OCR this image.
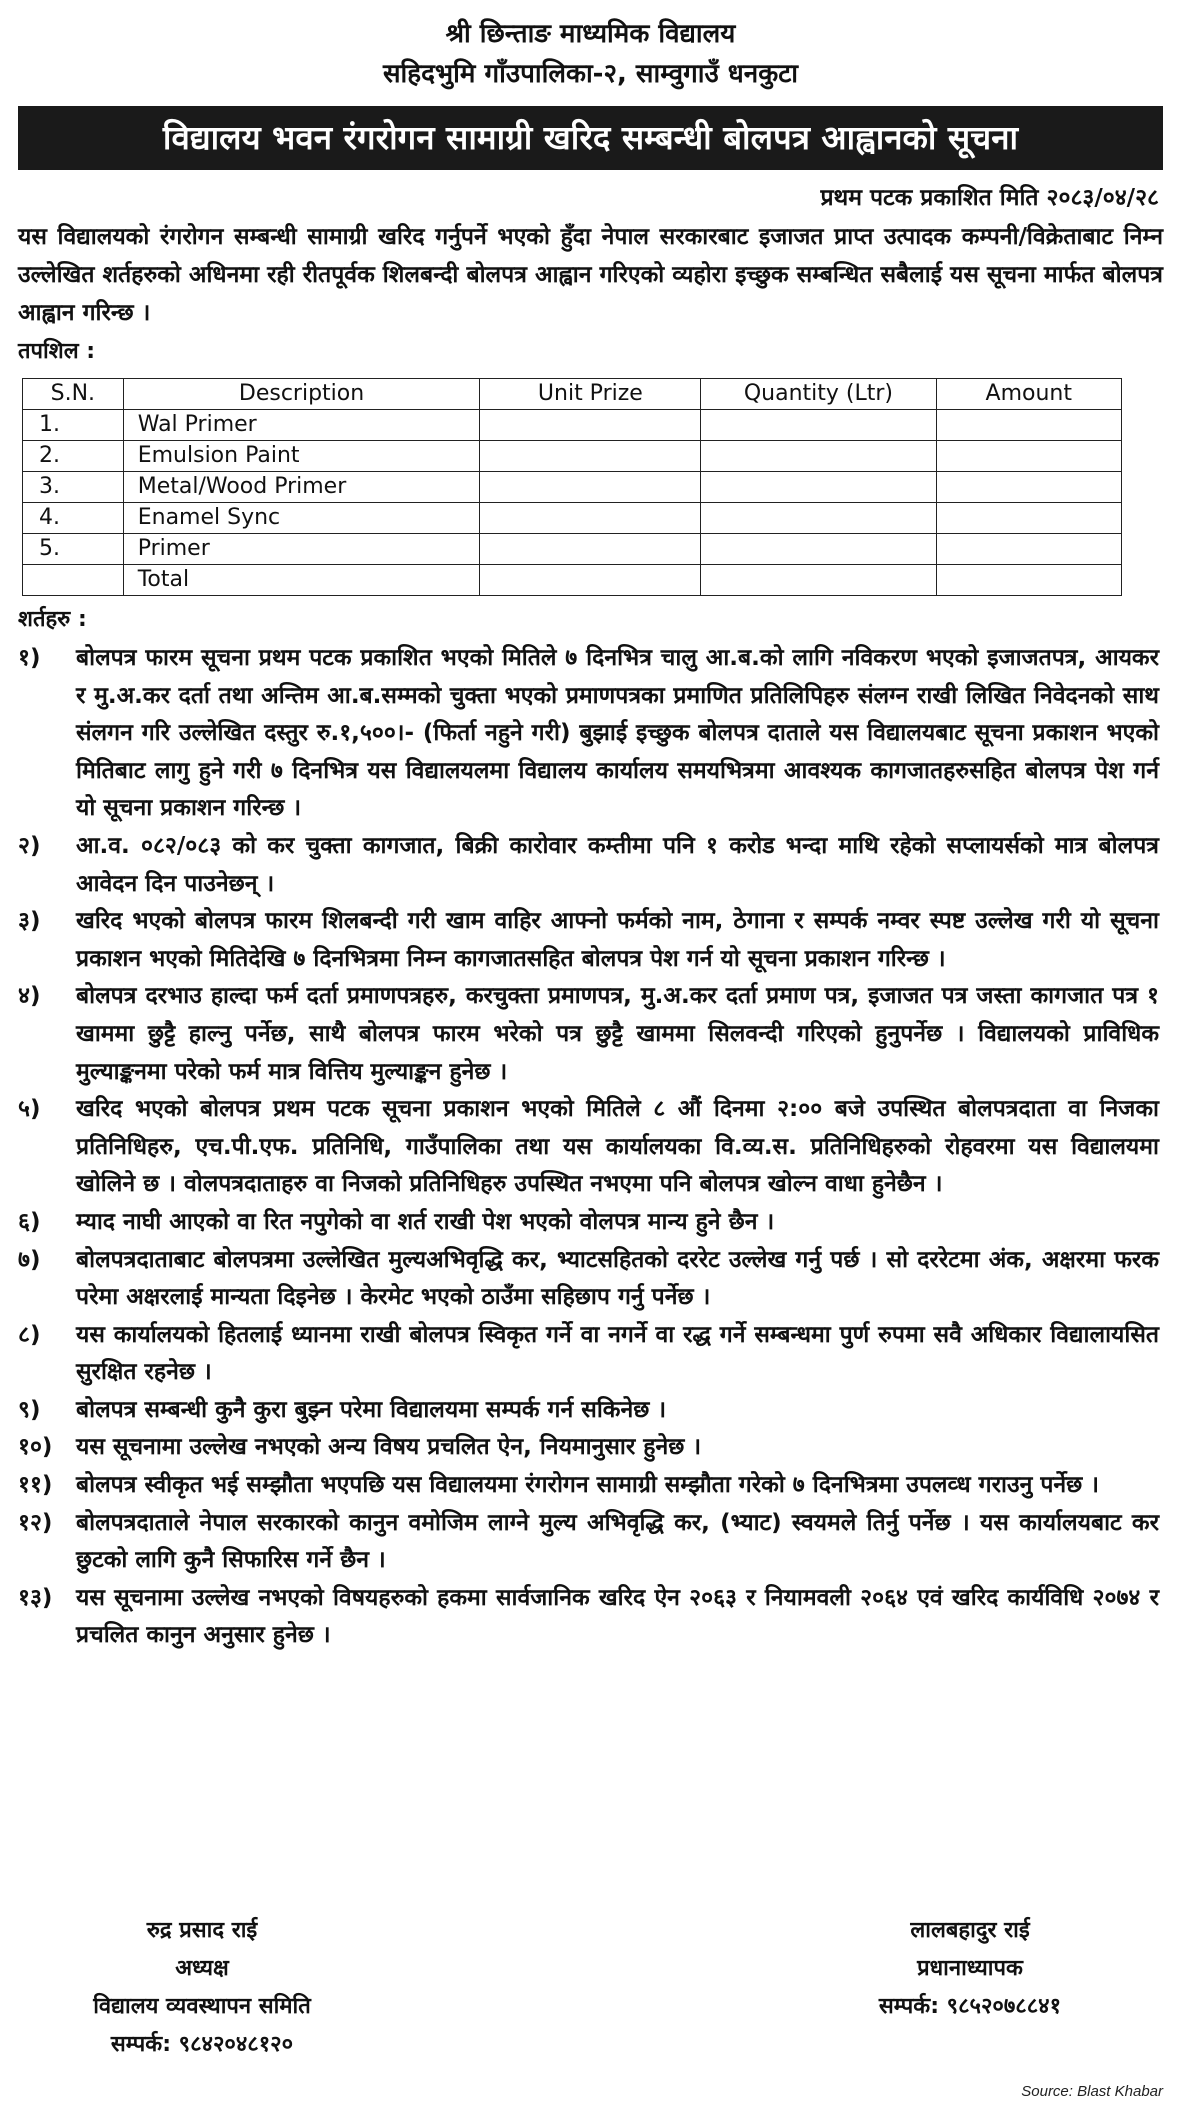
श्री छिन्ताङ माध्यमिक विद्यालय
सहिदभुमि गाँउपालिका-२, साम्वुगाउँ धनकुटा
विद्यालय भवन रंगरोगन सामाग्री खरिद सम्बन्धी बोलपत्र आह्वानको सूचना
प्रथम पटक प्रकाशित मिति २०८३/०४/२८

यस विद्यालयको रंगरोगन सम्बन्धी सामाग्री खरिद गर्नुपर्ने भएको हुँदा नेपाल सरकारबाट इजाजत प्राप्त उत्पादक कम्पनी/विक्रेताबाट निम्न उल्लेखित शर्तहरुको अधिनमा रही रीतपूर्वक शिलबन्दी बोलपत्र आह्वान गरिएको व्यहोरा इच्छुक सम्बन्धित सबैलाई यस सूचना मार्फत बोलपत्र आह्वान गरिन्छ ।

तपशिल :
S.N.	Description	Unit Prize	Quantity (Ltr)	Amount
1.	Wal Primer			
2.	Emulsion Paint			
3.	Metal/Wood Primer			
4.	Enamel Sync			
5.	Primer			
	Total			
शर्तहरु :
१)	बोलपत्र फारम सूचना प्रथम पटक प्रकाशित भएको मितिले ७ दिनभित्र चालु आ.ब.को लागि नविकरण भएको इजाजतपत्र, आयकर र मु.अ.कर दर्ता तथा अन्तिम आ.ब.सम्मको चुक्ता भएको प्रमाणपत्रका प्रमाणित प्रतिलिपिहरु संलग्न राखी लिखित निवेदनको साथ संलगन गरि उल्लेखित दस्तुर रु.१,५००।- (फिर्ता नहुने गरी) बुझाई इच्छुक बोलपत्र दाताले यस विद्यालयबाट सूचना प्रकाशन भएको मितिबाट लागु हुने गरी ७ दिनभित्र यस विद्यालयलमा विद्यालय कार्यालय समयभित्रमा आवश्यक कागजातहरुसहित बोलपत्र पेश गर्न यो सूचना प्रकाशन गरिन्छ ।
२)	आ.व. ०८२/०८३ को कर चुक्ता कागजात, बिक्री कारोवार कम्तीमा पनि १ करोड भन्दा माथि रहेको सप्लायर्सको मात्र बोलपत्र आवेदन दिन पाउनेछन् ।
३)	खरिद भएको बोलपत्र फारम शिलबन्दी गरी खाम वाहिर आफ्नो फर्मको नाम, ठेगाना र सम्पर्क नम्वर स्पष्ट उल्लेख गरी यो सूचना प्रकाशन भएको मितिदेखि ७ दिनभित्रमा निम्न कागजातसहित बोलपत्र पेश गर्न यो सूचना प्रकाशन गरिन्छ ।
४)	बोलपत्र दरभाउ हाल्दा फर्म दर्ता प्रमाणपत्रहरु, करचुक्ता प्रमाणपत्र, मु.अ.कर दर्ता प्रमाण पत्र, इजाजत पत्र जस्ता कागजात पत्र १ खाममा छुट्टै हाल्नु पर्नेछ, साथै बोलपत्र फारम भरेको पत्र छुट्टै खाममा सिलवन्दी गरिएको हुनुपर्नेछ । विद्यालयको प्राविधिक मुल्याङ्कनमा परेको फर्म मात्र वित्तिय मुल्याङ्कन हुनेछ ।
५)	खरिद भएको बोलपत्र प्रथम पटक सूचना प्रकाशन भएको मितिले ८ औं दिनमा २:०० बजे उपस्थित बोलपत्रदाता वा निजका प्रतिनिधिहरु, एच.पी.एफ. प्रतिनिधि, गाउँपालिका तथा यस कार्यालयका वि.व्य.स. प्रतिनिधिहरुको रोहवरमा यस विद्यालयमा खोलिने छ । वोलपत्रदाताहरु वा निजको प्रतिनिधिहरु उपस्थित नभएमा पनि बोलपत्र खोल्न वाधा हुनेछैन ।
६)	म्याद नाघी आएको वा रित नपुगेको वा शर्त राखी पेश भएको वोलपत्र मान्य हुने छैन ।
७)	बोलपत्रदाताबाट बोलपत्रमा उल्लेखित मुल्यअभिवृद्धि कर, भ्याटसहितको दररेट उल्लेख गर्नु पर्छ । सो दररेटमा अंक, अक्षरमा फरक परेमा अक्षरलाई मान्यता दिइनेछ । केरमेट भएको ठाउँमा सहिछाप गर्नु पर्नेछ ।
८)	यस कार्यालयको हितलाई ध्यानमा राखी बोलपत्र स्विकृत गर्ने वा नगर्ने वा रद्ध गर्ने सम्बन्धमा पुर्ण रुपमा सवै अधिकार विद्यालायसित सुरक्षित रहनेछ ।
९)	बोलपत्र सम्बन्धी कुनै कुरा बुझ्न परेमा विद्यालयमा सम्पर्क गर्न सकिनेछ ।
१०)	यस सूचनामा उल्लेख नभएको अन्य विषय प्रचलित ऐन, नियमानुसार हुनेछ ।
११)	बोलपत्र स्वीकृत भई सम्झौता भएपछि यस विद्यालयमा रंगरोगन सामाग्री सम्झौता गरेको ७ दिनभित्रमा उपलव्ध गराउनु पर्नेछ ।
१२)	बोलपत्रदाताले नेपाल सरकारको कानुन वमोजिम लाग्ने मुल्य अभिवृद्धि कर, (भ्याट) स्वयमले तिर्नु पर्नेछ । यस कार्यालयबाट कर छुटको लागि कुनै सिफारिस गर्ने छैन ।
१३)	यस सूचनामा उल्लेख नभएको विषयहरुको हकमा सार्वजानिक खरिद ऐन २०६३ र नियामवली २०६४ एवं खरिद कार्यविधि २०७४ र प्रचलित कानुन अनुसार हुनेछ ।
रुद्र प्रसाद राई
अध्यक्ष
विद्यालय व्यवस्थापन समिति
सम्पर्क: ९८४२०४८१२०
लालबहादुर राई
प्रधानाध्यापक
सम्पर्क: ९८५२०७८८४१
Source: Blast Khabar
